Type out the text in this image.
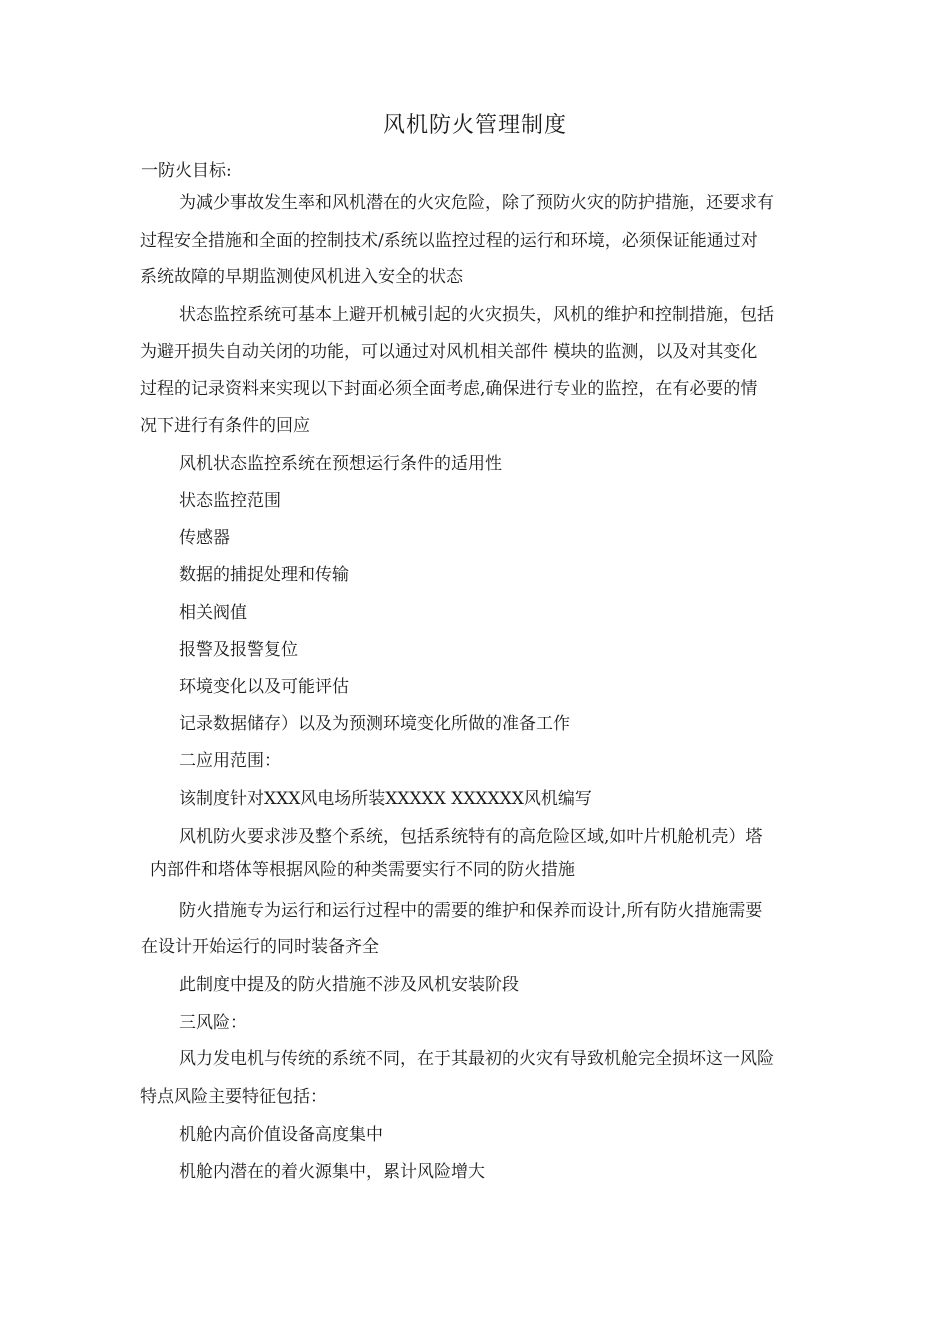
风机防火管理制度
一防火目标:
为减少事故发生率和风机潜在的火灾危险，除了预防火灾的防护措施，还要求有
过程安全措施和全面的控制技术/系统以监控过程的运行和环境，必须保证能通过对
系统故障的早期监测使风机进入安全的状态
状态监控系统可基本上避开机械引起的火灾损失，风机的维护和控制措施，包括
为避开损失自动关闭的功能，可以通过对风机相关部件 模块的监测，以及对其变化
过程的记录资料来实现以下封面必须全面考虑,确保进行专业的监控，在有必要的情
况下进行有条件的回应
风机状态监控系统在预想运行条件的适用性
状态监控范围
传感器
数据的捕捉处理和传输
相关阀值
报警及报警复位
环境变化以及可能评估
记录数据储存）以及为预测环境变化所做的准备工作
二应用范围：
该制度针对XXX风电场所装XXXXX XXXXXX风机编写
风机防火要求涉及整个系统，包括系统特有的高危险区域,如叶片机舱机壳）塔
内部件和塔体等根据风险的种类需要实行不同的防火措施
防火措施专为运行和运行过程中的需要的维护和保养而设计,所有防火措施需要
在设计开始运行的同时装备齐全
此制度中提及的防火措施不涉及风机安装阶段
三风险：
风力发电机与传统的系统不同，在于其最初的火灾有导致机舱完全损坏这一风险
特点风险主要特征包括：
机舱内高价值设备高度集中
机舱内潜在的着火源集中，累计风险增大
